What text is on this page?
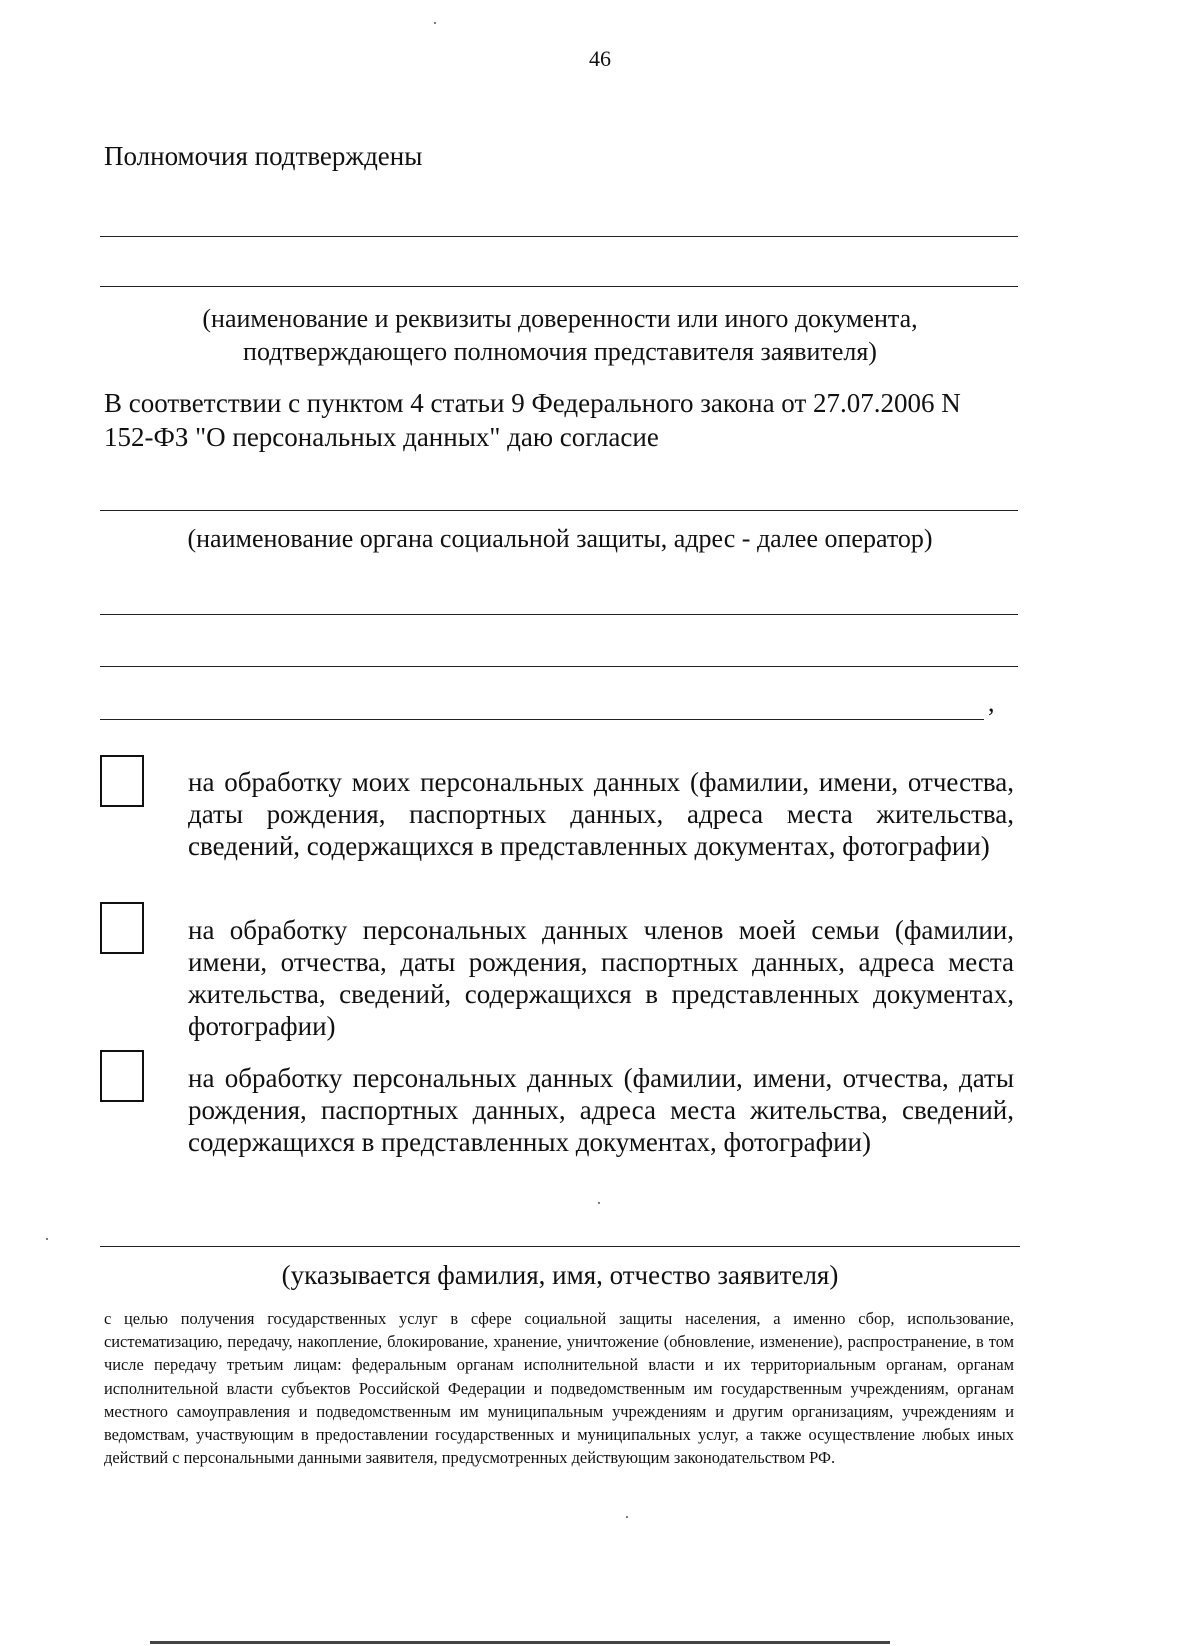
46
Полномочия подтверждены
(наименование и реквизиты доверенности или иного документа, подтверждающего полномочия представителя заявителя)
В соответствии с пунктом 4 статьи 9 Федерального закона от 27.07.2006 N 152-ФЗ "О персональных данных" даю согласие
(наименование органа социальной защиты, адрес - далее оператор)
,
на обработку моих персональных данных (фамилии, имени, отчества, даты рождения, паспортных данных, адреса места жительства, сведений, содержащихся в представленных документах, фотографии)
на обработку персональных данных членов моей семьи (фамилии, имени, отчества, даты рождения, паспортных данных, адреса места жительства, сведений, содержащихся в представленных документах, фотографии)
на обработку персональных данных (фамилии, имени, отчества, даты рождения, паспортных данных, адреса места жительства, сведений, содержащихся в представленных документах, фотографии)
(указывается фамилия, имя, отчество заявителя)
с целью получения государственных услуг в сфере социальной защиты населения, а именно сбор, использование, систематизацию, передачу, накопление, блокирование, хранение, уничтожение (обновление, изменение), распространение, в том числе передачу третьим лицам: федеральным органам исполнительной власти и их территориальным органам, органам исполнительной власти субъектов Российской Федерации и подведомственным им государственным учреждениям, органам местного самоуправления и подведомственным им муниципальным учреждениям и другим организациям, учреждениям и ведомствам, участвующим в предоставлении государственных и муниципальных услуг, а также осуществление любых иных действий с персональными данными заявителя, предусмотренных действующим законодательством РФ.
